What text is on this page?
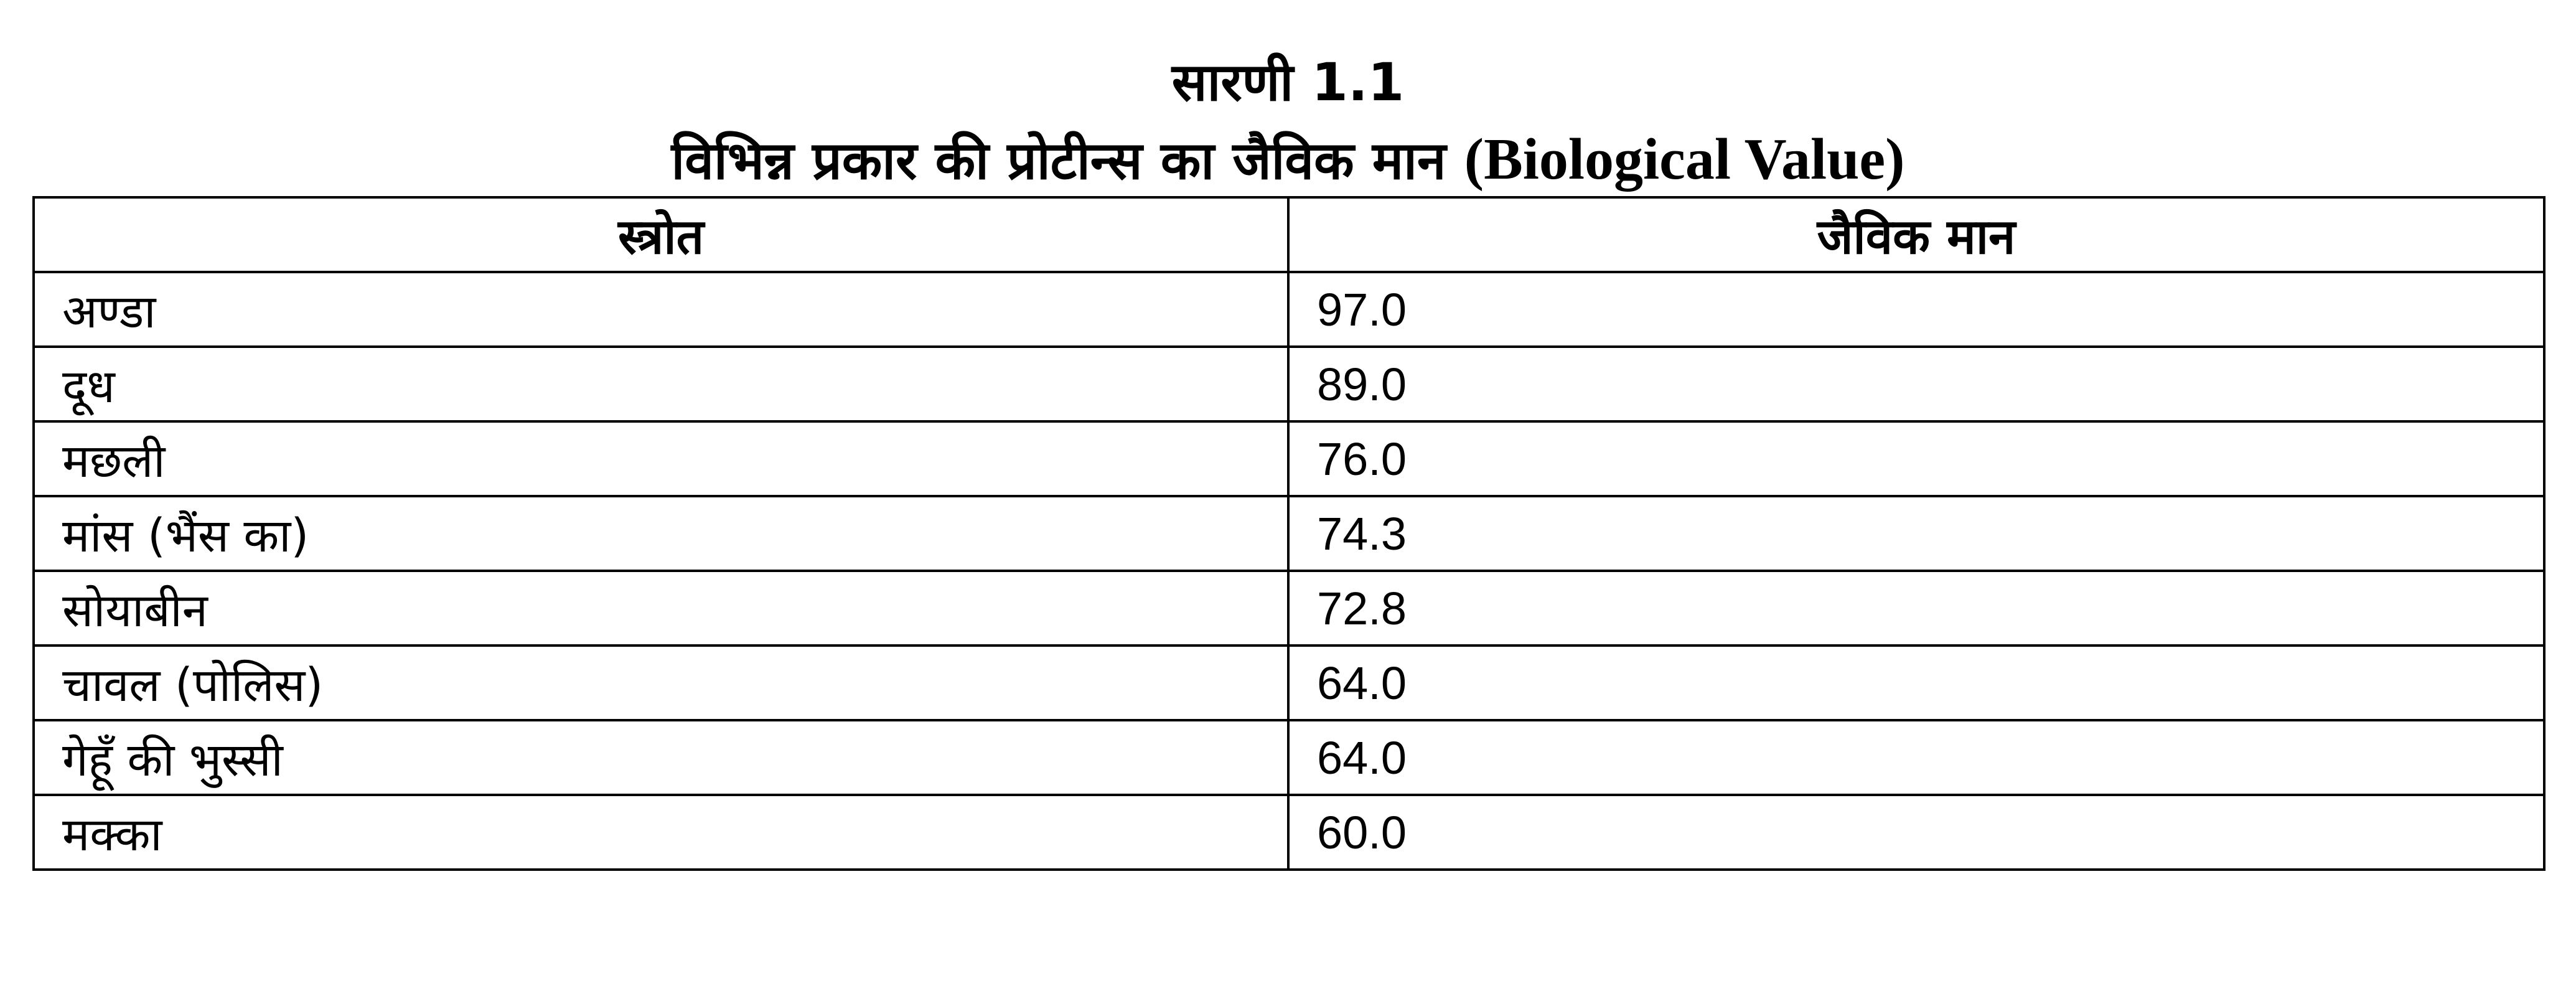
सारणी 1.1
विभिन्न प्रकार की प्रोटीन्स का जैविक मान (Biological Value)
स्त्रोत	जैविक मान
अण्डा	97.0
दूध	89.0
मछली	76.0
मांस (भैंस का)	74.3
सोयाबीन	72.8
चावल (पोलिस)	64.0
गेहूँ की भुस्सी	64.0
मक्का	60.0
